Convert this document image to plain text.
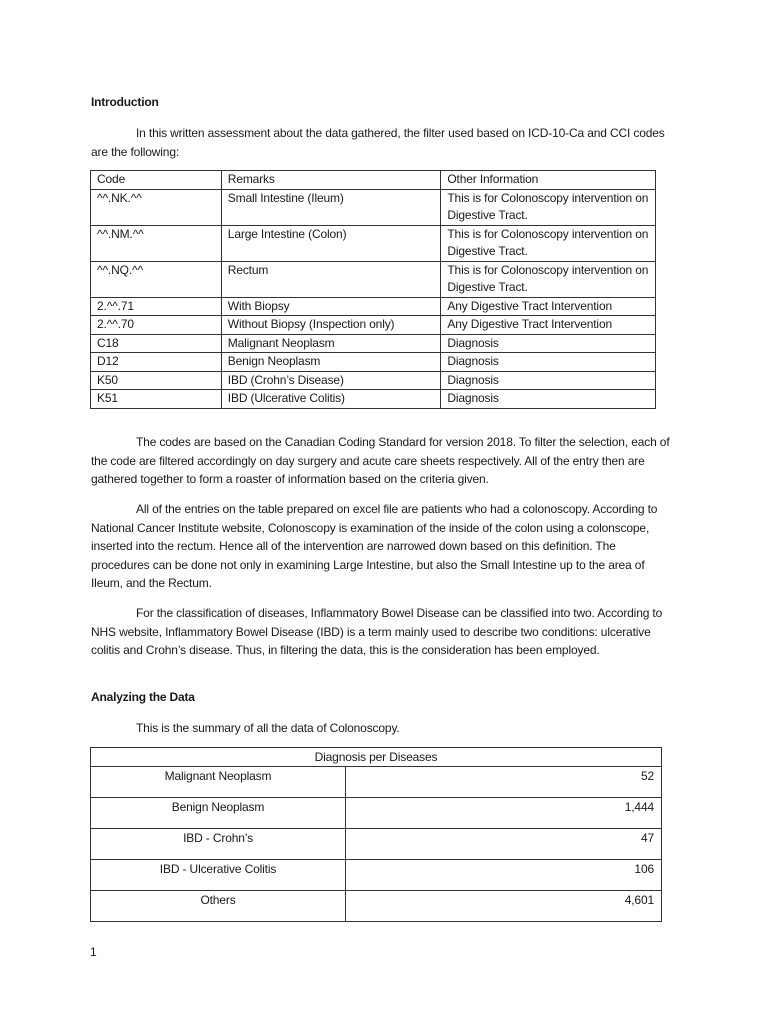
Introduction
In this written assessment about the data gathered, the filter used based on ICD-10-Ca and CCI codes are the following:
Code	Remarks	Other Information
^^.NK.^^	Small Intestine (Ileum)	This is for Colonoscopy intervention on Digestive Tract.
^^.NM.^^	Large Intestine (Colon)	This is for Colonoscopy intervention on Digestive Tract.
^^.NQ.^^	Rectum	This is for Colonoscopy intervention on Digestive Tract.
2.^^.71	With Biopsy	Any Digestive Tract Intervention
2.^^.70	Without Biopsy (Inspection only)	Any Digestive Tract Intervention
C18	Malignant Neoplasm	Diagnosis
D12	Benign Neoplasm	Diagnosis
K50	IBD (Crohn’s Disease)	Diagnosis
K51	IBD (Ulcerative Colitis)	Diagnosis
The codes are based on the Canadian Coding Standard for version 2018. To filter the selection, each of the code are filtered accordingly on day surgery and acute care sheets respectively. All of the entry then are gathered together to form a roaster of information based on the criteria given.
All of the entries on the table prepared on excel file are patients who had a colonoscopy. According to National Cancer Institute website, Colonoscopy is examination of the inside of the colon using a colonscope, inserted into the rectum. Hence all of the intervention are narrowed down based on this definition. The procedures can be done not only in examining Large Intestine, but also the Small Intestine up to the area of Ileum, and the Rectum.
For the classification of diseases, Inflammatory Bowel Disease can be classified into two. According to NHS website, Inflammatory Bowel Disease (IBD) is a term mainly used to describe two conditions: ulcerative colitis and Crohn’s disease. Thus, in filtering the data, this is the consideration has been employed.
Analyzing the Data
This is the summary of all the data of Colonoscopy.
Diagnosis per Diseases	
Malignant Neoplasm	52
Benign Neoplasm	1,444
IBD - Crohn’s	47
IBD - Ulcerative Colitis	106
Others	4,601
1
